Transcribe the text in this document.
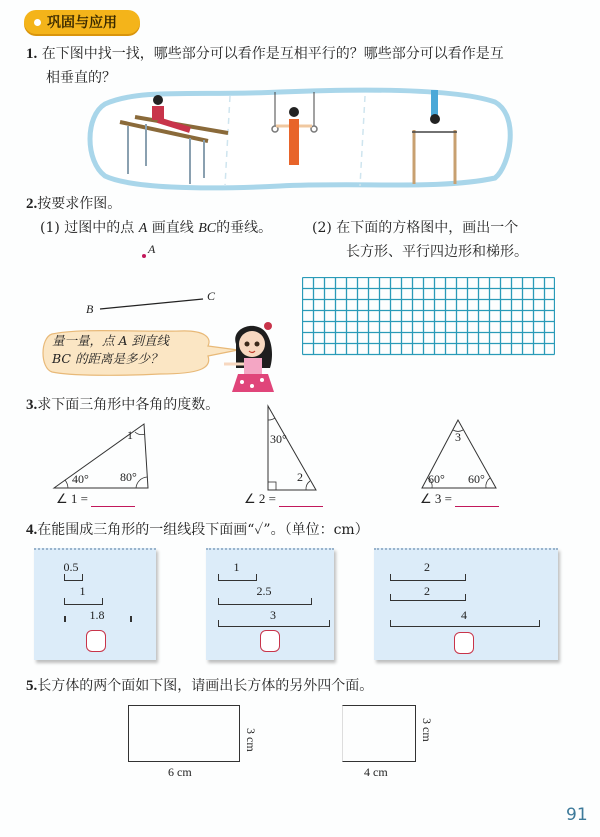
巩固与应用
1. 在下图中找一找，哪些部分可以看作是互相平行的？哪些部分可以看作是互
相垂直的？
2.按要求作图。
(1) 过图中的点 A 画直线 BC的垂线。	(2) 在下面的方格图中，画出一个
长方形、平行四边形和梯形。
A
B
C
量一量，点 A 到直线
BC 的距离是多少？
3.求下面三角形中各角的度数。
40°	80°
1
∠ 1 =
30°
2
∠ 2 =
3
60° 60°
∠ 3 =
4.在能围成三角形的一组线段下面画“✓”。（单位：cm）
0.5
1
1.8
1
2.5
3
2
2
4
5.长方体的两个面如下图，请画出长方体的另外四个面。
6 cm
3 cm
4 cm
3 cm
91
